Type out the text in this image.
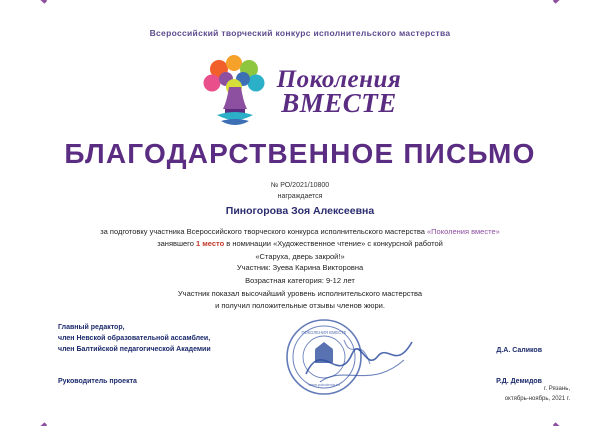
Всероссийский творческий конкурс исполнительского мастерства
Поколения
ВМЕСТЕ
БЛАГОДАРСТВЕННОЕ ПИСЬМО
№ РО/2021/10800
награждается
Пиногорова Зоя Алексеевна
за подготовку участника Всероссийского творческого конкурса исполнительского мастерства «Поколения вместе»
занявшего 1 место в номинации «Художественное чтение» с конкурсной работой
«Старуха, дверь закрой!»
Участник: Зуева Карина Викторовна
Возрастная категория: 9-12 лет
Участник показал высочайший уровень исполнительского мастерства
и получил положительные отзывы членов жюри.
Главный редактор,
член Невской образовательной ассамблеи,
член Балтийской педагогической Академии	Д.А. Саликов
Руководитель проекта	Р.Д. Демидов
ПОКОЛЕНИЯ ВМЕСТЕ
www.pokolenia.ru
г. Рязань,
октябрь-ноябрь, 2021 г.
